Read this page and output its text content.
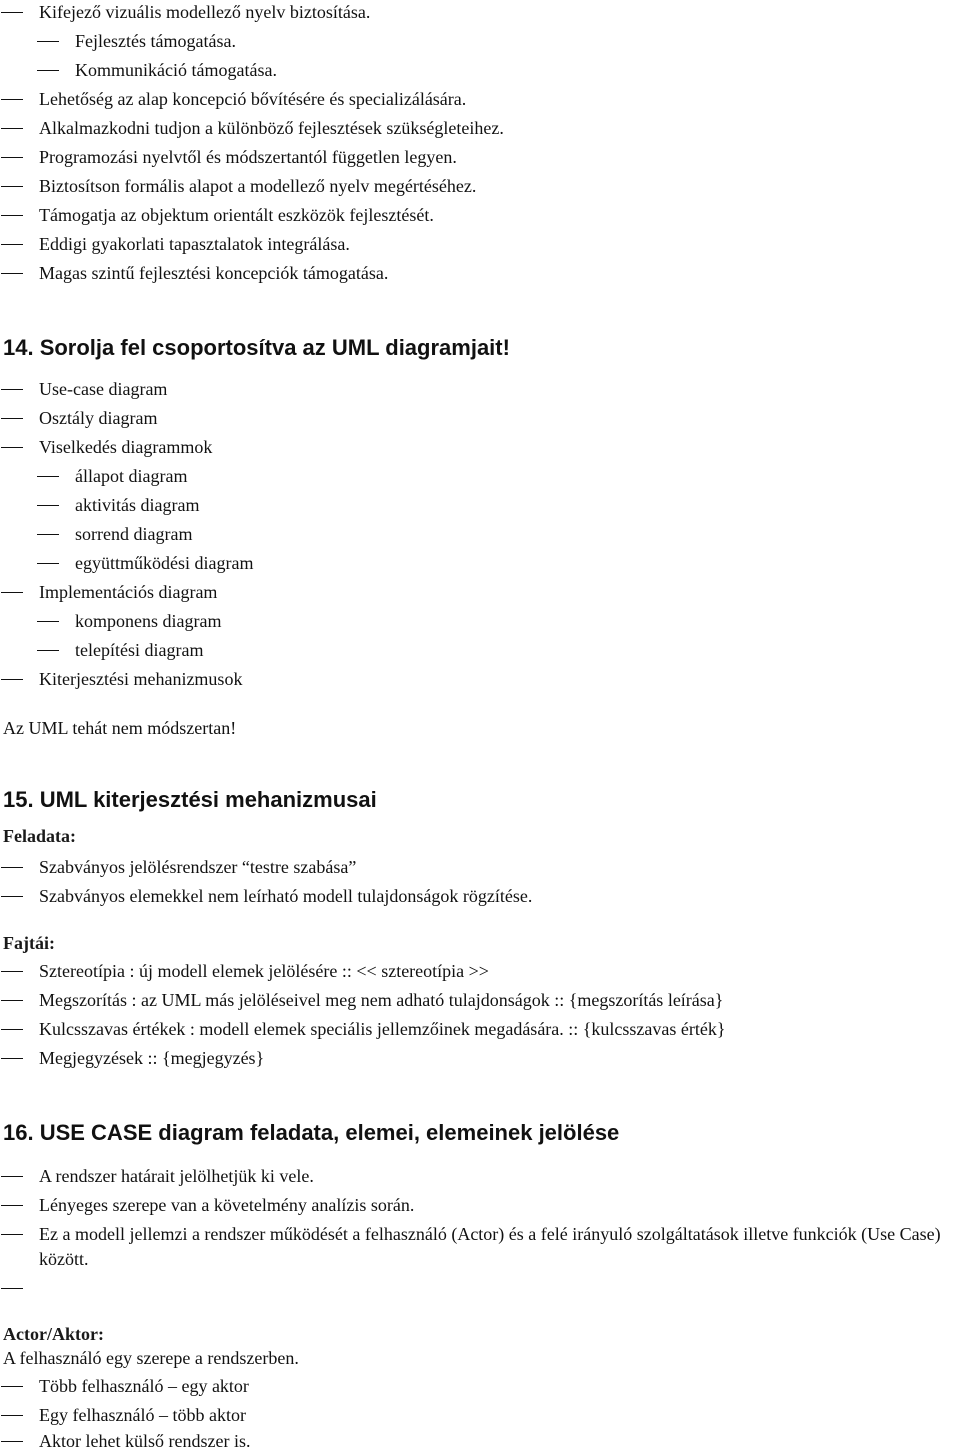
Kifejező vizuális modellező nyelv biztosítása.
Fejlesztés támogatása.
Kommunikáció támogatása.
Lehetőség az alap koncepció bővítésére és specializálására.
Alkalmazkodni tudjon a különböző fejlesztések szükségleteihez.
Programozási nyelvtől és módszertantól független legyen.
Biztosítson formális alapot a modellező nyelv megértéséhez.
Támogatja az objektum orientált eszközök fejlesztését.
Eddigi gyakorlati tapasztalatok integrálása.
Magas szintű fejlesztési koncepciók támogatása.
14. Sorolja fel csoportosítva az UML diagramjait!
Use-case diagram
Osztály diagram
Viselkedés diagrammok
állapot diagram
aktivitás diagram
sorrend diagram
együttműködési diagram
Implementációs diagram
komponens diagram
telepítési diagram
Kiterjesztési mehanizmusok
Az UML tehát nem módszertan!
15. UML kiterjesztési mehanizmusai
Feladata:
Szabványos jelölésrendszer “testre szabása”
Szabványos elemekkel nem leírható modell tulajdonságok rögzítése.
Fajtái:
Sztereotípia : új modell elemek jelölésére :: << sztereotípia >>
Megszorítás : az UML más jelöléseivel meg nem adható tulajdonságok :: {megszorítás leírása}
Kulcsszavas értékek : modell elemek speciális jellemzőinek megadására. :: {kulcsszavas érték}
Megjegyzések :: {megjegyzés}
16. USE CASE diagram feladata, elemei, elemeinek jelölése
A rendszer határait jelölhetjük ki vele.
Lényeges szerepe van a követelmény analízis során.
Ez a modell jellemzi a rendszer működését a felhasználó (Actor) és a felé irányuló szolgáltatások illetve funkciók (Use Case) között.
Actor/Aktor:
A felhasználó egy szerepe a rendszerben.
Több felhasználó – egy aktor
Egy felhasználó – több aktor
Aktor lehet külső rendszer is.
